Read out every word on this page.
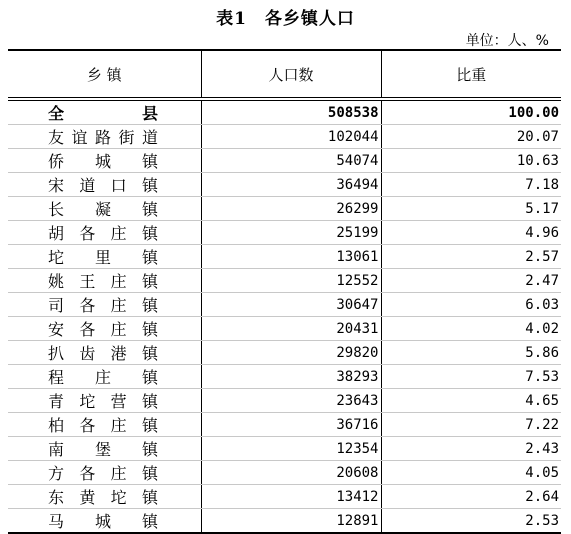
表1　各乡镇人口
单位：人、%
乡 镇	人口数	比重

全县	508538	100.00
友谊路街道	102044	20.07
侨城镇	54074	10.63
宋道口镇	36494	7.18
长凝镇	26299	5.17
胡各庄镇	25199	4.96
坨里镇	13061	2.57
姚王庄镇	12552	2.47
司各庄镇	30647	6.03
安各庄镇	20431	4.02
扒齿港镇	29820	5.86
程庄镇	38293	7.53
青坨营镇	23643	4.65
柏各庄镇	36716	7.22
南堡镇	12354	2.43
方各庄镇	20608	4.05
东黄坨镇	13412	2.64
马城镇	12891	2.53
